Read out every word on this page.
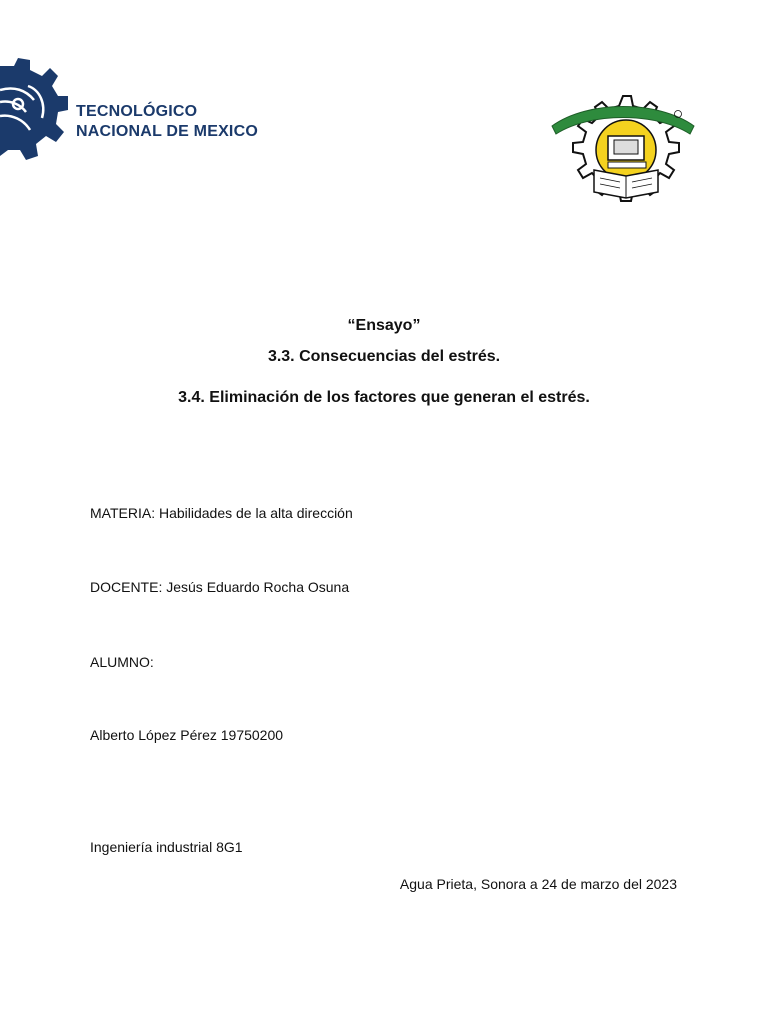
TECNOLÓGICO
NACIONAL DE MEXICO
“Ensayo”
3.3. Consecuencias del estrés.
3.4. Eliminación de los factores que generan el estrés.
MATERIA: Habilidades de la alta dirección
DOCENTE: Jesús Eduardo Rocha Osuna
ALUMNO:
Alberto López Pérez 19750200
Ingeniería industrial 8G1
Agua Prieta, Sonora a 24 de marzo del 2023
